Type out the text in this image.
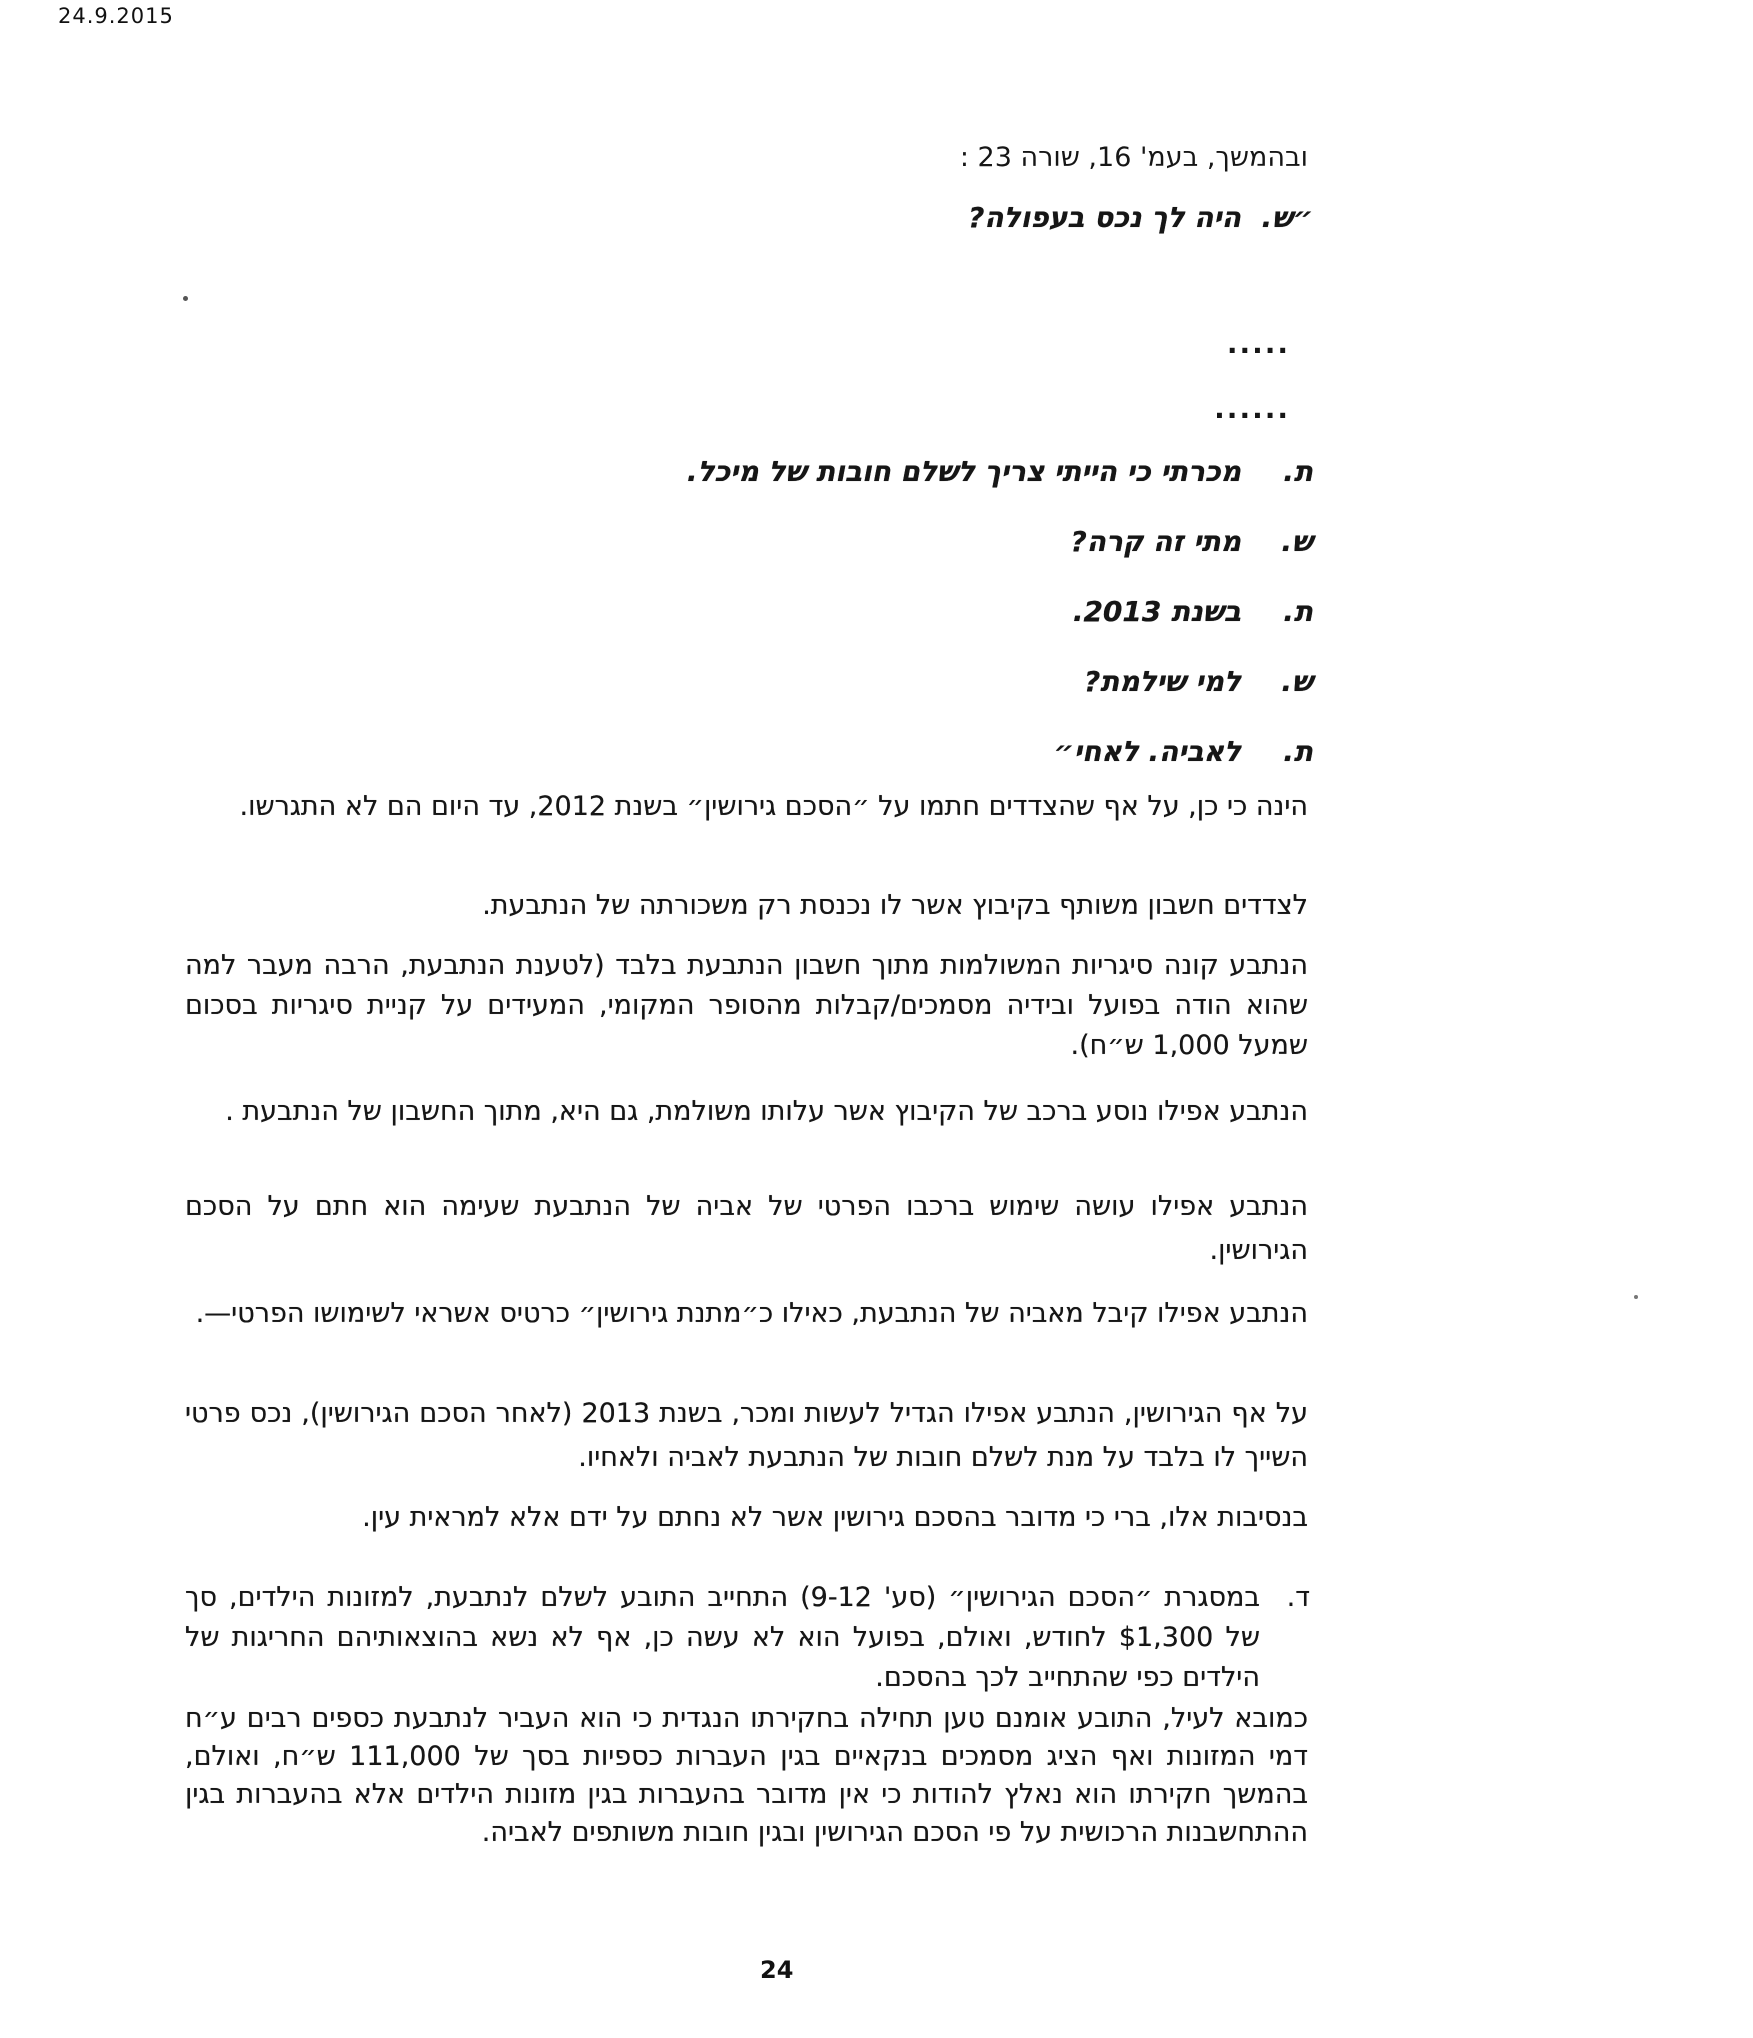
24.9.2015
ובהמשך, בעמ' 16, שורה 23 :
״ש.היה לך נכס בעפולה?
.....
......
ת.מכרתי כי הייתי צריך לשלם חובות של מיכל.
ש.מתי זה קרה?
ת.בשנת 2013.
ש.למי שילמת?
ת.לאביה. לאחי״
הינה כי כן, על אף שהצדדים חתמו על ״הסכם גירושין״ בשנת 2012, עד היום הם לא התגרשו.
לצדדים חשבון משותף בקיבוץ אשר לו נכנסת רק משכורתה של הנתבעת.
הנתבע קונה סיגריות המשולמות מתוך חשבון הנתבעת בלבד (לטענת הנתבעת, הרבה מעבר למה שהוא הודה בפועל ובידיה מסמכים/קבלות מהסופר המקומי, המעידים על קניית סיגריות בסכום שמעל 1,000 ש״ח).
הנתבע אפילו נוסע ברכב של הקיבוץ אשר עלותו משולמת, גם היא, מתוך החשבון של הנתבעת .
הנתבע אפילו עושה שימוש ברכבו הפרטי של אביה של הנתבעת שעימה הוא חתם על הסכם הגירושין.
הנתבע אפילו קיבל מאביה של הנתבעת, כאילו כ״מתנת גירושין״ כרטיס אשראי לשימושו הפרטי—.
על אף הגירושין, הנתבע אפילו הגדיל לעשות ומכר, בשנת 2013 (לאחר הסכם הגירושין), נכס פרטי השייך לו בלבד על מנת לשלם חובות של הנתבעת לאביה ולאחיו.
בנסיבות אלו, ברי כי מדובר בהסכם גירושין אשר לא נחתם על ידם אלא למראית עין.
ד.
במסגרת ״הסכם הגירושין״ (סע' 9-12) התחייב התובע לשלם לנתבעת, למזונות הילדים, סך של $1,300 לחודש, ואולם, בפועל הוא לא עשה כן, אף לא נשא בהוצאותיהם החריגות של הילדים כפי שהתחייב לכך בהסכם.
כמובא לעיל, התובע אומנם טען תחילה בחקירתו הנגדית כי הוא העביר לנתבעת כספים רבים ע״ח דמי המזונות ואף הציג מסמכים בנקאיים בגין העברות כספיות בסך של 111,000 ש״ח, ואולם, בהמשך חקירתו הוא נאלץ להודות כי אין מדובר בהעברות בגין מזונות הילדים אלא בהעברות בגין ההתחשבנות הרכושית על פי הסכם הגירושין ובגין חובות משותפים לאביה.
24
